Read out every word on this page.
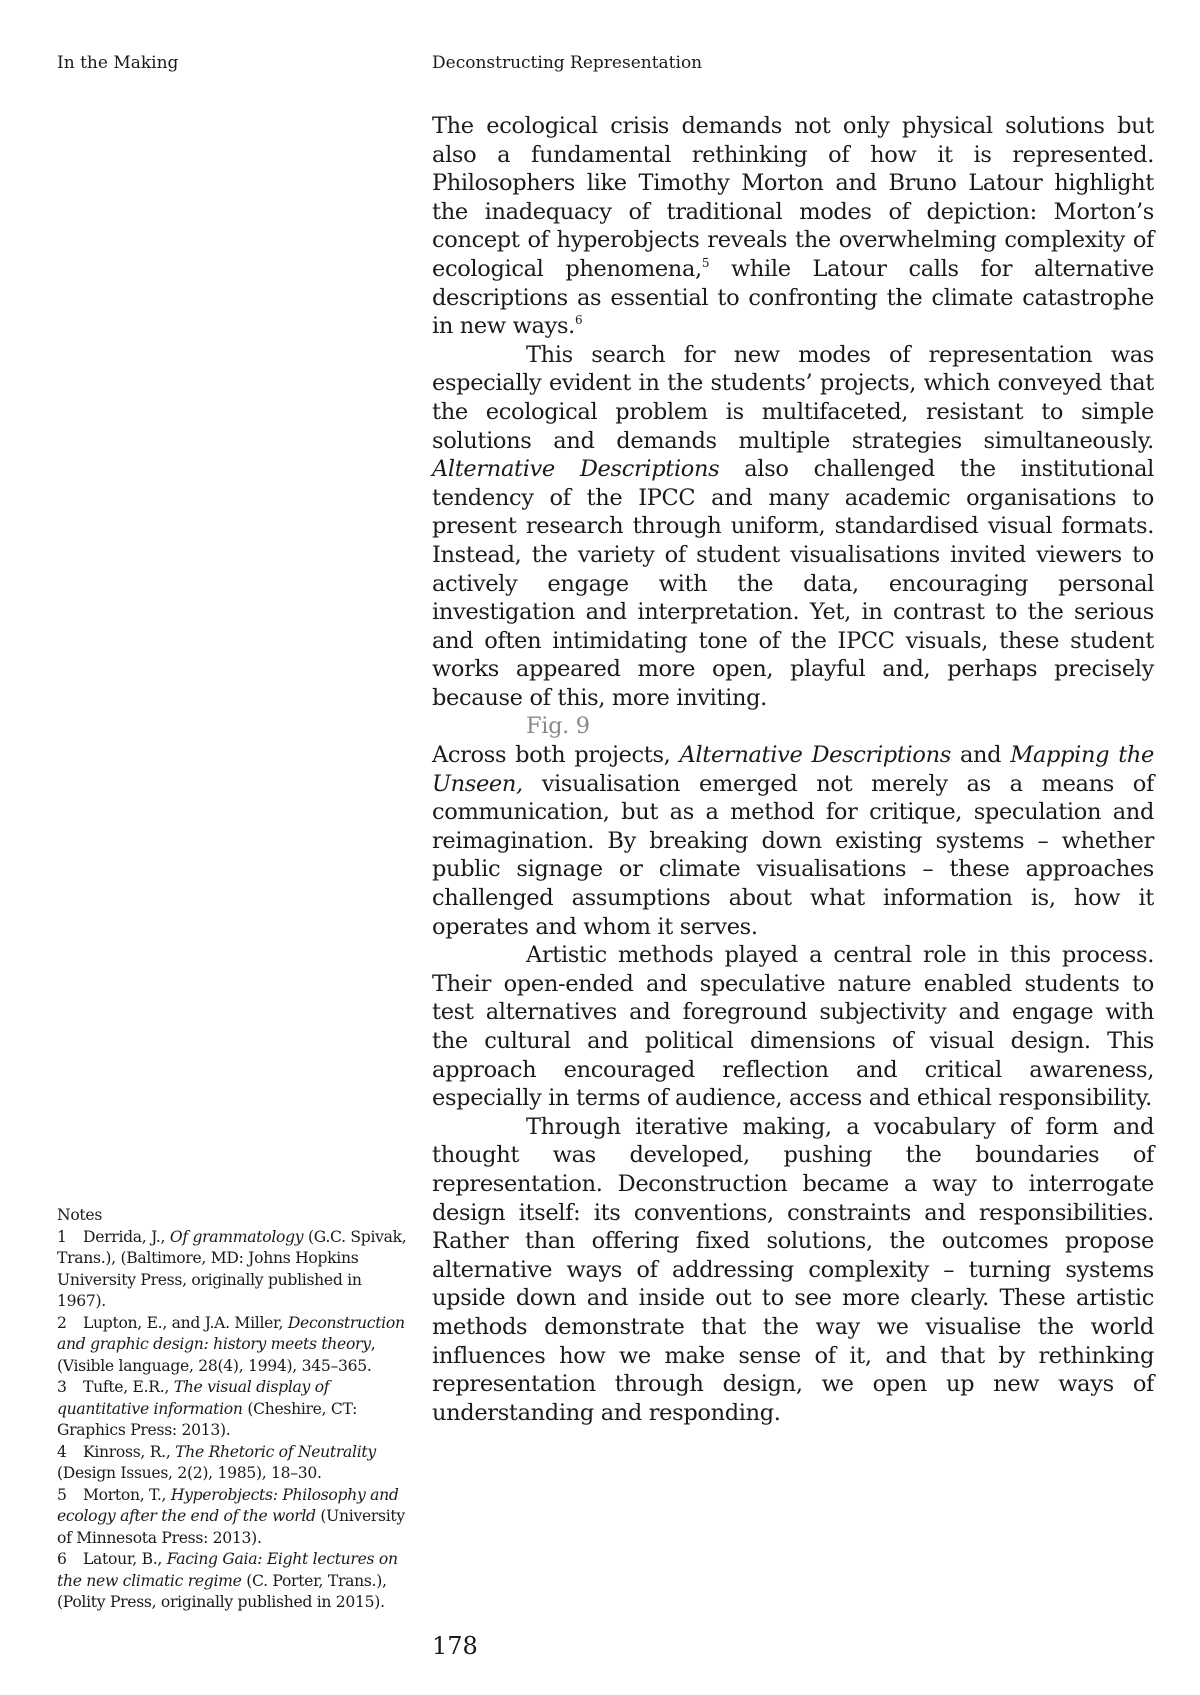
In the Making	Deconstructing Representation

The ecological crisis demands not only physical solutions but also a fundamental rethinking of how it is represented. Philosophers like Timothy Morton and Bruno Latour highlight the inadequacy of traditional modes of depiction: Morton’s concept of hyperobjects reveals the overwhelming complexity of ecological phenomena,$^5$ while Latour calls for alternative descriptions as essential to confronting the climate catastrophe in new ways.$^6$

This search for new modes of representation was especially evident in the students’ projects, which conveyed that the ecological problem is multifaceted, resistant to simple solutions and demands multiple strategies simultaneously. Alternative Descriptions also challenged the institutional tendency of the IPCC and many academic organisations to present research through uniform, standardised visual formats. Instead, the variety of student visualisations invited viewers to actively engage with the data, encouraging personal investigation and interpretation. Yet, in contrast to the serious and often intimidating tone of the IPCC visuals, these student works appeared more open, playful and, perhaps precisely because of this, more inviting.

Fig. 9

Across both projects, Alternative Descriptions and Mapping the Unseen, visualisation emerged not merely as a means of communication, but as a method for critique, speculation and reimagination. By breaking down existing systems – whether public signage or climate visualisations – these approaches challenged assumptions about what information is, how it operates and whom it serves.

Artistic methods played a central role in this process. Their open-ended and speculative nature enabled students to test alternatives and foreground subjectivity and engage with the cultural and political dimensions of visual design. This approach encouraged reflection and critical awareness, especially in terms of audience, access and ethical responsibility.

Through iterative making, a vocabulary of form and thought was developed, pushing the boundaries of representation. Deconstruction became a way to interrogate design itself: its conventions, constraints and responsibilities. Rather than offering fixed solutions, the outcomes propose alternative ways of addressing complexity – turning systems upside down and inside out to see more clearly. These artistic methods demonstrate that the way we visualise the world influences how we make sense of it, and that by rethinking representation through design, we open up new ways of understanding and responding.

Notes

1 Derrida, J., Of grammatology (G.C. Spivak, Trans.), (Baltimore, MD: Johns Hopkins University Press, originally published in 1967).

2 Lupton, E., and J.A. Miller, Deconstruction and graphic design: history meets theory, (Visible language, 28(4), 1994), 345–365.

3 Tufte, E.R., The visual display of quantitative information (Cheshire, CT: Graphics Press: 2013).

4 Kinross, R., The Rhetoric of Neutrality (Design Issues, 2(2), 1985), 18–30.

5 Morton, T., Hyperobjects: Philosophy and ecology after the end of the world (University of Minnesota Press: 2013).

6 Latour, B., Facing Gaia: Eight lectures on the new climatic regime (C. Porter, Trans.), (Polity Press, originally published in 2015).

178
